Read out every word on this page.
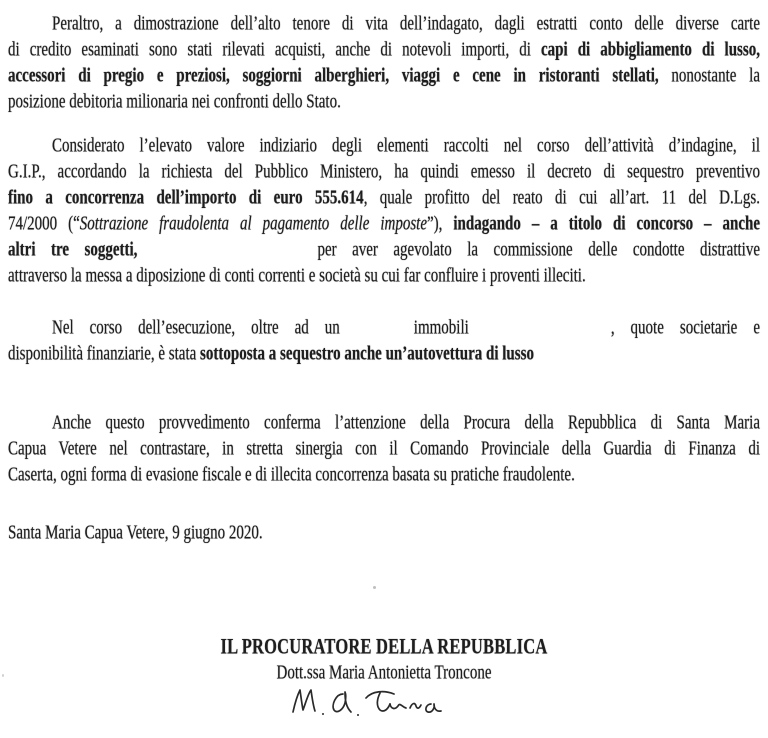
Peraltro, a dimostrazione dell’alto tenore di vita dell’indagato, dagli estratti conto delle diverse carte
di credito esaminati sono stati rilevati acquisti, anche di notevoli importi, di capi di abbigliamento di lusso,
accessori di pregio e preziosi, soggiorni alberghieri, viaggi e cene in ristoranti stellati, nonostante la
posizione debitoria milionaria nei confronti dello Stato.
Considerato l’elevato valore indiziario degli elementi raccolti nel corso dell’attività d’indagine, il
G.I.P., accordando la richiesta del Pubblico Ministero, ha quindi emesso il decreto di sequestro preventivo
fino a concorrenza dell’importo di euro 555.614, quale profitto del reato di cui all’art. 11 del D.Lgs.
74/2000 (“Sottrazione fraudolenta al pagamento delle imposte”), indagando – a titolo di concorso – anche
altri tre soggetti,	per aver agevolato la commissione delle condotte distrattive
attraverso la messa a diposizione di conti correnti e società su cui far confluire i proventi illeciti.
Nel corso dell’esecuzione, oltre ad un	immobili	, quote societarie e
disponibilità finanziarie, è stata sottoposta a sequestro anche un’autovettura di lusso
Anche questo provvedimento conferma l’attenzione della Procura della Repubblica di Santa Maria
Capua Vetere nel contrastare, in stretta sinergia con il Comando Provinciale della Guardia di Finanza di
Caserta, ogni forma di evasione fiscale e di illecita concorrenza basata su pratiche fraudolente.
Santa Maria Capua Vetere, 9 giugno 2020.
IL PROCURATORE DELLA REPUBBLICA
Dott.ssa Maria Antonietta Troncone
